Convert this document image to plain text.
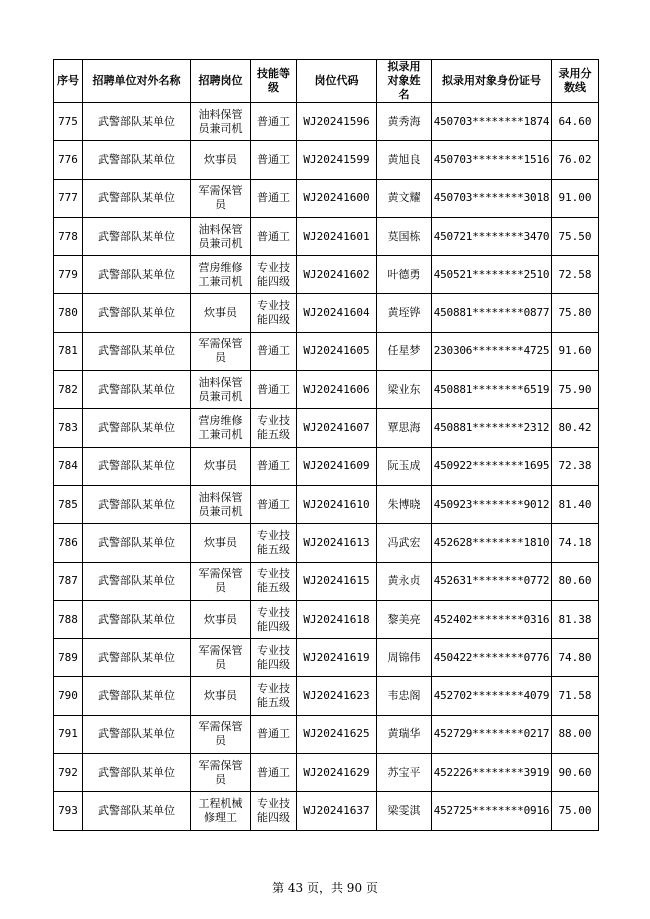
序号	招聘单位对外名称	招聘岗位	技能等级	岗位代码	拟录用对象姓名	拟录用对象身份证号	录用分数线

775	武警部队某单位	油料保管员兼司机	普通工	WJ20241596	黄秀海	450703********1874	64.60

776	武警部队某单位	炊事员	普通工	WJ20241599	黄旭良	450703********1516	76.02

777	武警部队某单位	军需保管员	普通工	WJ20241600	黄文耀	450703********3018	91.00

778	武警部队某单位	油料保管员兼司机	普通工	WJ20241601	莫国栋	450721********3470	75.50

779	武警部队某单位	营房维修工兼司机	专业技能四级	WJ20241602	叶德勇	450521********2510	72.58

780	武警部队某单位	炊事员	专业技能四级	WJ20241604	黄垤铧	450881********0877	75.80

781	武警部队某单位	军需保管员	普通工	WJ20241605	任星梦	230306********4725	91.60

782	武警部队某单位	油料保管员兼司机	普通工	WJ20241606	梁业东	450881********6519	75.90

783	武警部队某单位	营房维修工兼司机	专业技能五级	WJ20241607	覃思海	450881********2312	80.42

784	武警部队某单位	炊事员	普通工	WJ20241609	阮玉成	450922********1695	72.38

785	武警部队某单位	油料保管员兼司机	普通工	WJ20241610	朱博晓	450923********9012	81.40

786	武警部队某单位	炊事员	专业技能五级	WJ20241613	冯武宏	452628********1810	74.18

787	武警部队某单位	军需保管员	专业技能五级	WJ20241615	黄永贞	452631********0772	80.60

788	武警部队某单位	炊事员	专业技能四级	WJ20241618	黎美亮	452402********0316	81.38

789	武警部队某单位	军需保管员	专业技能四级	WJ20241619	周锦伟	450422********0776	74.80

790	武警部队某单位	炊事员	专业技能五级	WJ20241623	韦忠阁	452702********4079	71.58

791	武警部队某单位	军需保管员	普通工	WJ20241625	黄瑞华	452729********0217	88.00

792	武警部队某单位	军需保管员	普通工	WJ20241629	苏宝平	452226********3919	90.60

793	武警部队某单位	工程机械修理工	专业技能四级	WJ20241637	梁雯淇	452725********0916	75.00
第 43 页，共 90 页
